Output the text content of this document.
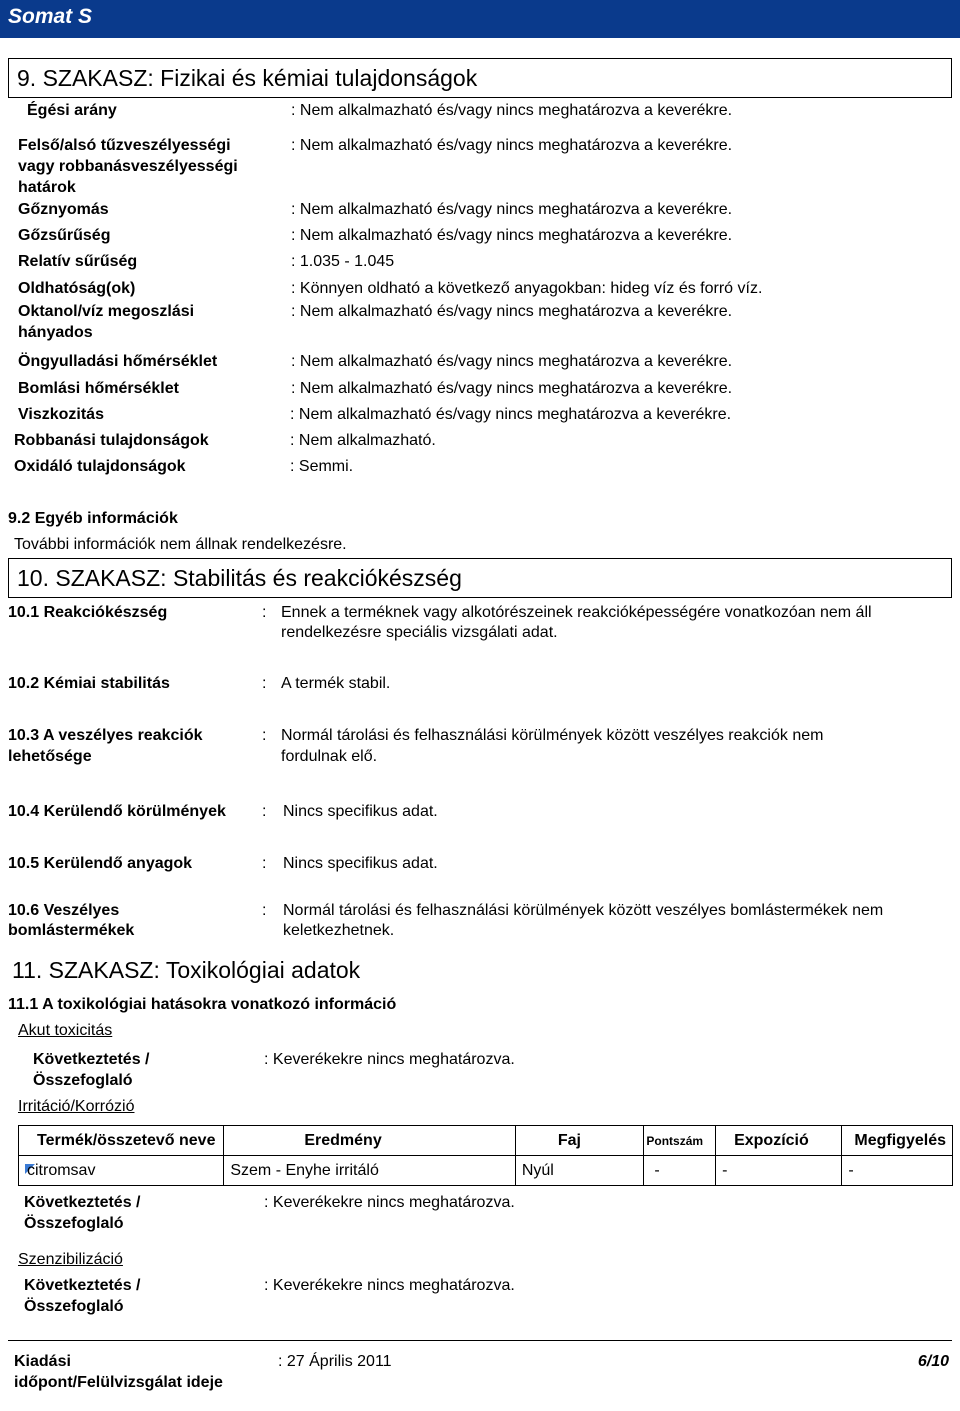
Somat S
9. SZAKASZ: Fizikai és kémiai tulajdonságok
Égési arány	: Nem alkalmazható és/vagy nincs meghatározva a keverékre.
Felső/alsó tűzveszélyességi
vagy robbanásveszélyességi
határok
: Nem alkalmazható és/vagy nincs meghatározva a keverékre.
Gőznyomás	: Nem alkalmazható és/vagy nincs meghatározva a keverékre.
Gőzsűrűség	: Nem alkalmazható és/vagy nincs meghatározva a keverékre.
Relatív sűrűség	: 1.035 - 1.045
Oldhatóság(ok)	: Könnyen oldható a következő anyagokban: hideg víz és forró víz.
Oktanol/víz megoszlási
hányados
: Nem alkalmazható és/vagy nincs meghatározva a keverékre.
Öngyulladási hőmérséklet	: Nem alkalmazható és/vagy nincs meghatározva a keverékre.
Bomlási hőmérséklet	: Nem alkalmazható és/vagy nincs meghatározva a keverékre.
Viszkozitás	: Nem alkalmazható és/vagy nincs meghatározva a keverékre.
Robbanási tulajdonságok	: Nem alkalmazható.
Oxidáló tulajdonságok	: Semmi.
9.2 Egyéb információk
További információk nem állnak rendelkezésre.
10. SZAKASZ: Stabilitás és reakciókészség
10.1 Reakciókészség	: Ennek a terméknek vagy alkotórészeinek reakcióképességére vonatkozóan nem áll
rendelkezésre speciális vizsgálati adat.
10.2 Kémiai stabilitás	: A termék stabil.
10.3 A veszélyes reakciók
lehetősége
: Normál tárolási és felhasználási körülmények között veszélyes reakciók nem
fordulnak elő.
10.4 Kerülendő körülmények : Nincs specifikus adat.
10.5 Kerülendő anyagok	: Nincs specifikus adat.
10.6 Veszélyes
bomlástermékek
: Normál tárolási és felhasználási körülmények között veszélyes bomlástermékek nem
keletkezhetnek.
11. SZAKASZ: Toxikológiai adatok
11.1 A toxikológiai hatásokra vonatkozó információ
Akut toxicitás
Következtetés /
Összefoglaló
: Keverékekre nincs meghatározva.
Irritáció/Korrózió
Termék/összetevő neve	Eredmény	Faj	Pontszám	Expozíció	Megfigyelés
citromsav	Szem - Enyhe irritáló	Nyúl	-	-	-
Következtetés /
Összefoglaló
: Keverékekre nincs meghatározva.
Szenzibilizáció
Következtetés /
Összefoglaló
: Keverékekre nincs meghatározva.
Kiadási
időpont/Felülvizsgálat ideje
: 27 Április 2011	6/10
